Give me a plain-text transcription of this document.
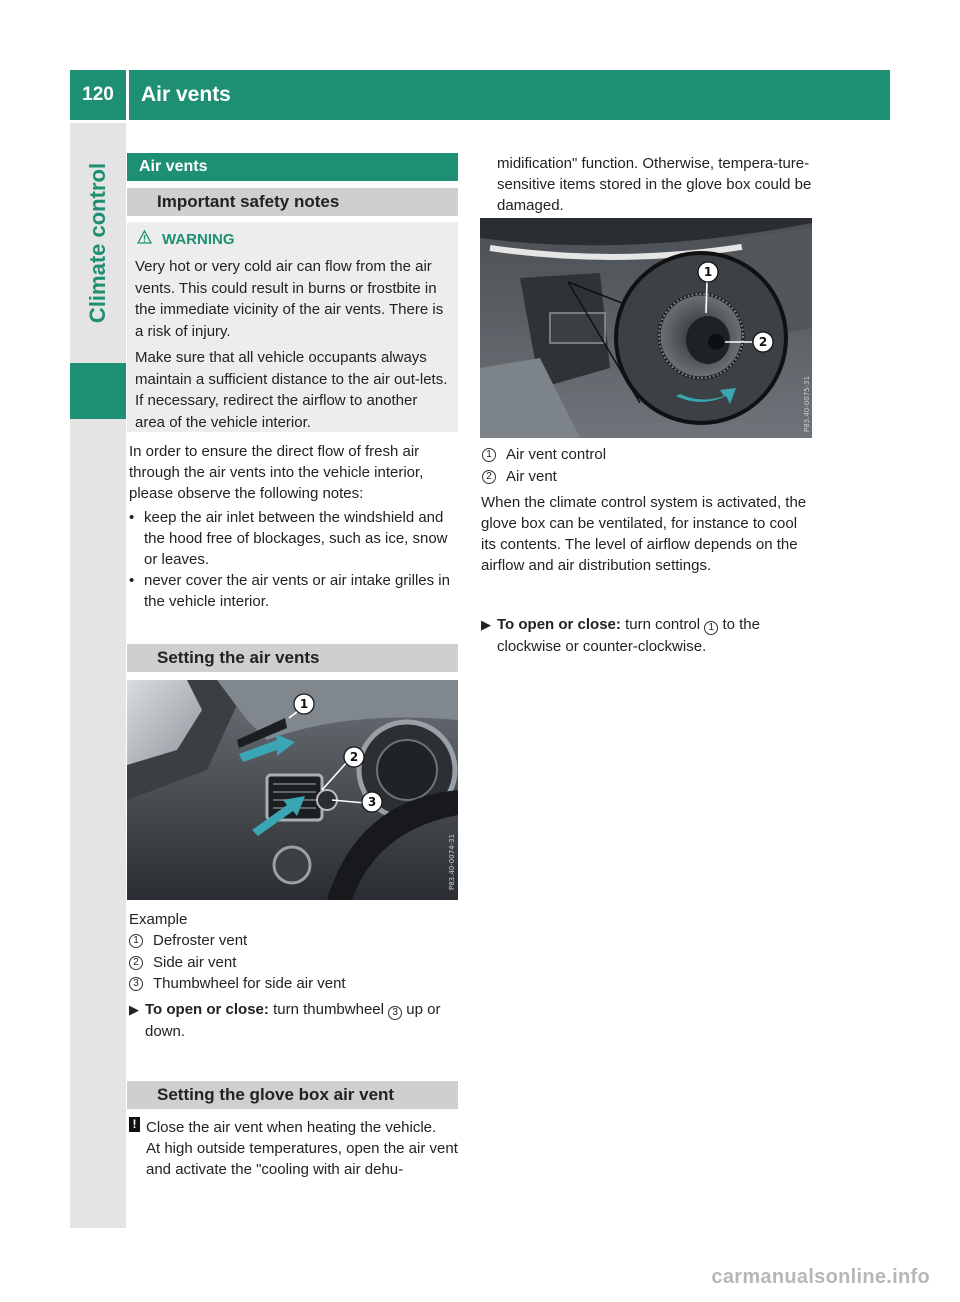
120	Air vents
Climate control	Air vents
Important safety notes
WARNING

Very hot or very cold air can flow from the air vents. This could result in burns or frostbite in the immediate vicinity of the air vents. There is a risk of injury.

Make sure that all vehicle occupants always maintain a sufficient distance to the air out-lets. If necessary, redirect the airflow to another area of the vehicle interior.

In order to ensure the direct flow of fresh air through the air vents into the vehicle interior, please observe the following notes:
• keep the air inlet between the windshield and the hood free of blockages, such as ice, snow or leaves.
• never cover the air vents or air intake grilles in the vehicle interior.
Setting the air vents
1
2
3
P83.40-0074-31
Example
1 Defroster vent
2 Side air vent
3 Thumbwheel for side air vent
▶ To open or close: turn thumbwheel 3 up or down.
Setting the glove box air vent
! Close the air vent when heating the vehicle.
At high outside temperatures, open the air vent and activate the "cooling with air dehu-
midification" function. Otherwise, tempera-ture-sensitive items stored in the glove box could be damaged.
1
2
P83.40-0075-31
1 Air vent control
2 Air vent
When the climate control system is activated, the glove box can be ventilated, for instance to cool its contents. The level of airflow depends on the airflow and air distribution settings.
▶ To open or close: turn control 1 to the clockwise or counter-clockwise.
carmanualsonline.info
